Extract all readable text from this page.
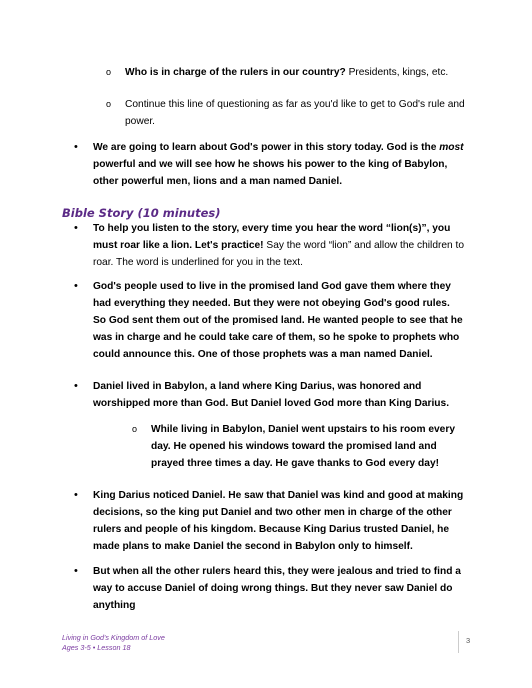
o Who is in charge of the rulers in our country? Presidents, kings, etc.
o Continue this line of questioning as far as you'd like to get to God's rule and power.
• We are going to learn about God's power in this story today. God is the most powerful and we will see how he shows his power to the king of Babylon, other powerful men, lions and a man named Daniel.
Bible Story (10 minutes)
• To help you listen to the story, every time you hear the word “lion(s)”, you must roar like a lion. Let's practice! Say the word “lion” and allow the children to roar. The word is underlined for you in the text.
• God's people used to live in the promised land God gave them where they had everything they needed. But they were not obeying God's good rules. So God sent them out of the promised land. He wanted people to see that he was in charge and he could take care of them, so he spoke to prophets who could announce this. One of those prophets was a man named Daniel.
• Daniel lived in Babylon, a land where King Darius, was honored and worshipped more than God. But Daniel loved God more than King Darius.
o While living in Babylon, Daniel went upstairs to his room every day. He opened his windows toward the promised land and prayed three times a day. He gave thanks to God every day!
• King Darius noticed Daniel. He saw that Daniel was kind and good at making decisions, so the king put Daniel and two other men in charge of the other rulers and people of his kingdom. Because King Darius trusted Daniel, he made plans to make Daniel the second in Babylon only to himself.
• But when all the other rulers heard this, they were jealous and tried to find a way to accuse Daniel of doing wrong things. But they never saw Daniel do anything
Living in God's Kingdom of Love
Ages 3-5 • Lesson 18
3
